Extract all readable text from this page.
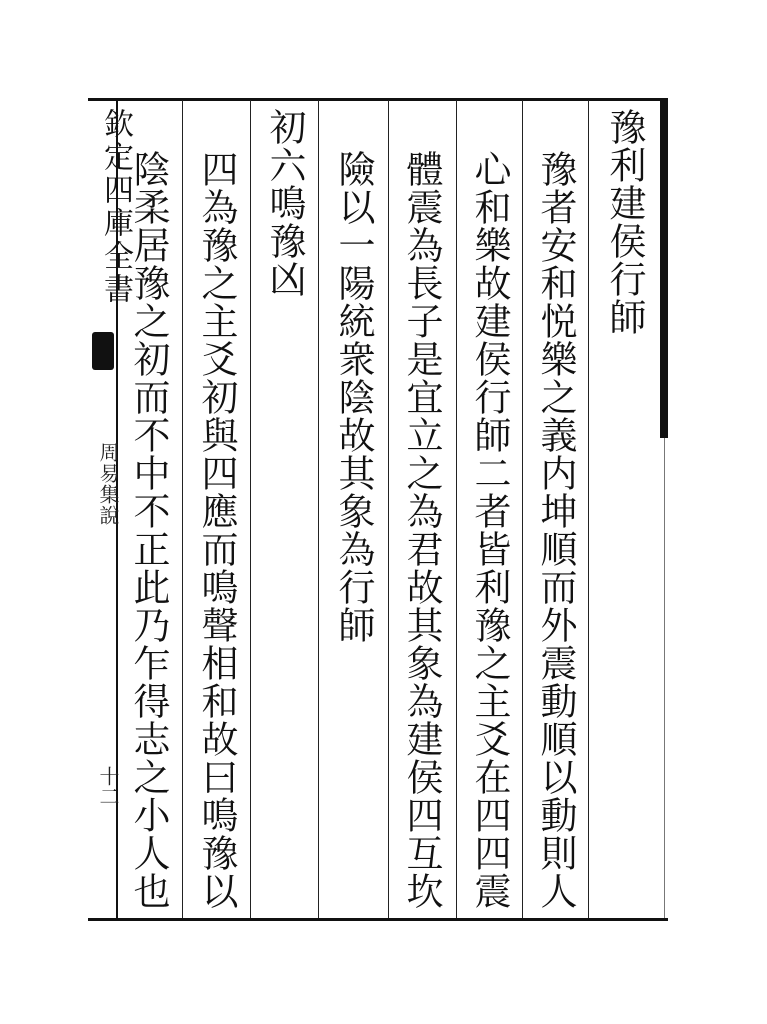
欽定四庫全書
周易集說
十二
豫利建侯行師
豫者安和悦樂之義内坤順而外震動順以動則人
心和樂故建侯行師二者皆利豫之主爻在四四震
體震為長子是宜立之為君故其象為建侯四互坎
險以一陽統衆陰故其象為行師
初六鳴豫凶
四為豫之主爻初與四應而鳴聲相和故曰鳴豫以
陰柔居豫之初而不中不正此乃乍得志之小人也
